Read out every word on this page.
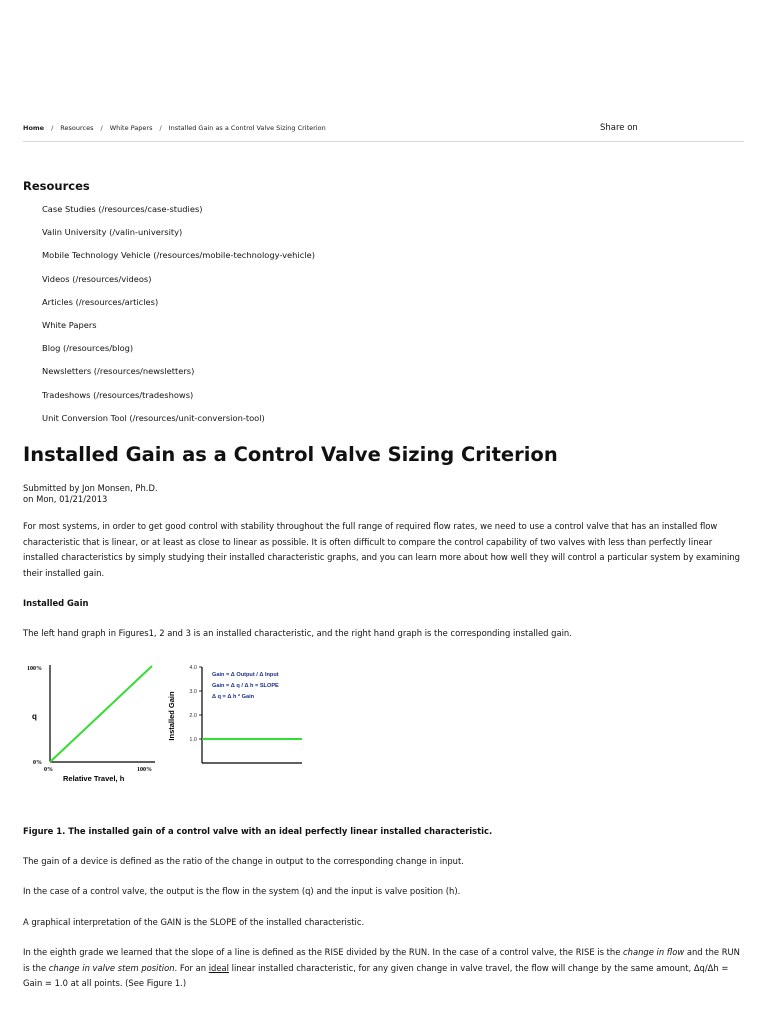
Home / Resources / White Papers / Installed Gain as a Control Valve Sizing Criterion	Share on
Resources
Case Studies (/resources/case-studies)
Valin University (/valin-university)
Mobile Technology Vehicle (/resources/mobile-technology-vehicle)
Videos (/resources/videos)
Articles (/resources/articles)
White Papers
Blog (/resources/blog)
Newsletters (/resources/newsletters)
Tradeshows (/resources/tradeshows)
Unit Conversion Tool (/resources/unit-conversion-tool)
Installed Gain as a Control Valve Sizing Criterion
Submitted by Jon Monsen, Ph.D.
on Mon, 01/21/2013

For most systems, in order to get good control with stability throughout the full range of required flow rates, we need to use a control valve that has an installed flow characteristic that is linear, or at least as close to linear as possible. It is often difficult to compare the control capability of two valves with less than perfectly linear installed characteristics by simply studying their installed characteristic graphs, and you can learn more about how well they will control a particular system by examining their installed gain.

Installed Gain

The left hand graph in Figures1, 2 and 3 is an installed characteristic, and the right hand graph is the corresponding installed gain.

100%
0%
q
0%	100%
Relative Travel, h
1.0
2.0
3.0
4.0
Installed Gain
Gain = Δ Output / Δ Input
Gain = Δ q / Δ h = SLOPE
Δ q = Δ h * Gain

Figure 1. The installed gain of a control valve with an ideal perfectly linear installed characteristic.

The gain of a device is defined as the ratio of the change in output to the corresponding change in input.

In the case of a control valve, the output is the flow in the system (q) and the input is valve position (h).

A graphical interpretation of the GAIN is the SLOPE of the installed characteristic.

In the eighth grade we learned that the slope of a line is defined as the RISE divided by the RUN. In the case of a control valve, the RISE is the change in flow and the RUN is the change in valve stem position. For an ideal linear installed characteristic, for any given change in valve travel, the flow will change by the same amount, Δq/Δh = Gain = 1.0 at all points. (See Figure 1.)
